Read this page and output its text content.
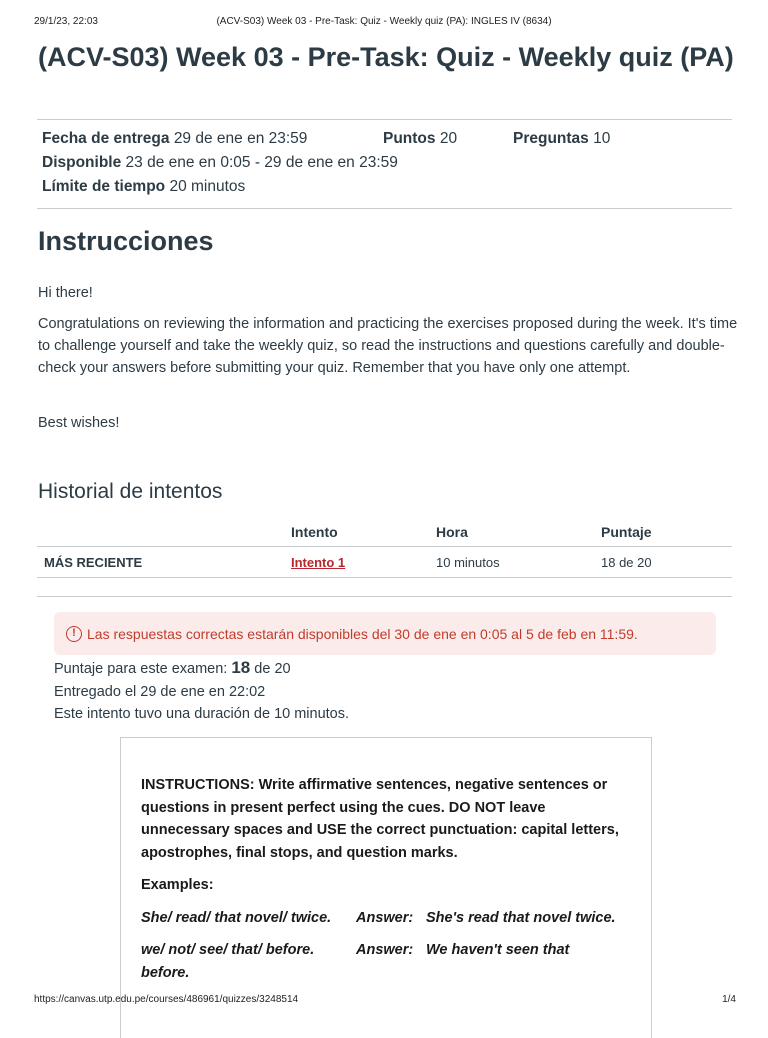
29/1/23, 22:03	(ACV-S03) Week 03 - Pre-Task: Quiz - Weekly quiz (PA): INGLES IV (8634)
(ACV-S03) Week 03 - Pre-Task: Quiz - Weekly quiz (PA)
Fecha de entrega 29 de ene en 23:59	Puntos 20	Preguntas 10
Disponible 23 de ene en 0:05 - 29 de ene en 23:59
Límite de tiempo 20 minutos
Instrucciones

Hi there!

Congratulations on reviewing the information and practicing the exercises proposed during the week. It's time to challenge yourself and take the weekly quiz, so read the instructions and questions carefully and double-check your answers before submitting your quiz. Remember that you have only one attempt.

Best wishes!

Historial de intentos
	Intento	Hora	Puntaje
MÁS RECIENTE	Intento 1	10 minutos	18 de 20
! Las respuestas correctas estarán disponibles del 30 de ene en 0:05 al 5 de feb en 11:59.
Puntaje para este examen: 18 de 20
Entregado el 29 de ene en 22:02
Este intento tuvo una duración de 10 minutos.

INSTRUCTIONS: Write affirmative sentences, negative sentences or questions in present perfect using the cues. DO NOT leave unnecessary spaces and USE the correct punctuation: capital letters, apostrophes, final stops, and question marks.

Examples:

She/ read/ that novel/ twice. Answer: She's read that novel twice.
we/ not/ see/ that/ before.	Answer: We haven't seen that
before.
https://canvas.utp.edu.pe/courses/486961/quizzes/3248514	1/4
